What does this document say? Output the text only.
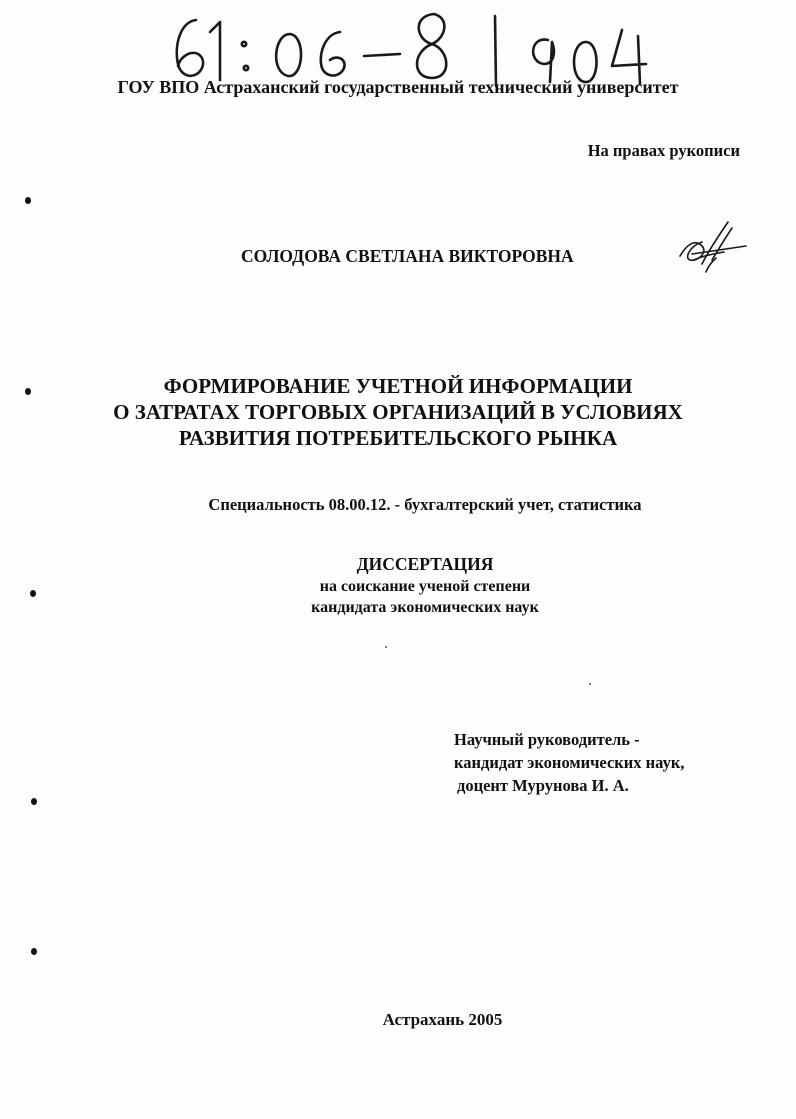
ГОУ ВПО Астраханский государственный технический университет
На правах рукописи
СОЛОДОВА СВЕТЛАНА ВИКТОРОВНА
ФОРМИРОВАНИЕ УЧЕТНОЙ ИНФОРМАЦИИ
О ЗАТРАТАХ ТОРГОВЫХ ОРГАНИЗАЦИЙ В УСЛОВИЯХ
РАЗВИТИЯ ПОТРЕБИТЕЛЬСКОГО РЫНКА
Специальность 08.00.12. - бухгалтерский учет, статистика
ДИССЕРТАЦИЯ
на соискание ученой степени
кандидата экономических наук
Научный руководитель -
кандидат экономических наук,
доцент Мурунова И. А.
Астрахань 2005
